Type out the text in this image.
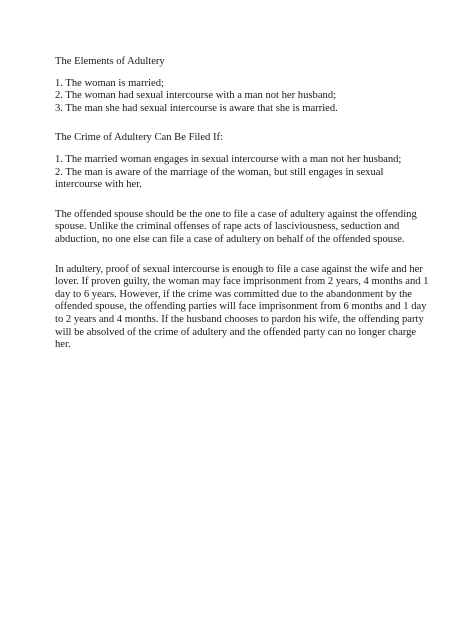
The Elements of Adultery
1. The woman is married;
2. The woman had sexual intercourse with a man not her husband;
3. The man she had sexual intercourse is aware that she is married.
The Crime of Adultery Can Be Filed If:
1. The married woman engages in sexual intercourse with a man not her husband;
2. The man is aware of the marriage of the woman, but still engages in sexual intercourse with her.

The offended spouse should be the one to file a case of adultery against the offending spouse. Unlike the criminal offenses of rape acts of lasciviousness, seduction and abduction, no one else can file a case of adultery on behalf of the offended spouse.

In adultery, proof of sexual intercourse is enough to file a case against the wife and her lover. If proven guilty, the woman may face imprisonment from 2 years, 4 months and 1 day to 6 years. However, if the crime was committed due to the abandonment by the offended spouse, the offending parties will face imprisonment from 6 months and 1 day to 2 years and 4 months. If the husband chooses to pardon his wife, the offending party will be absolved of the crime of adultery and the offended party can no longer charge her.
